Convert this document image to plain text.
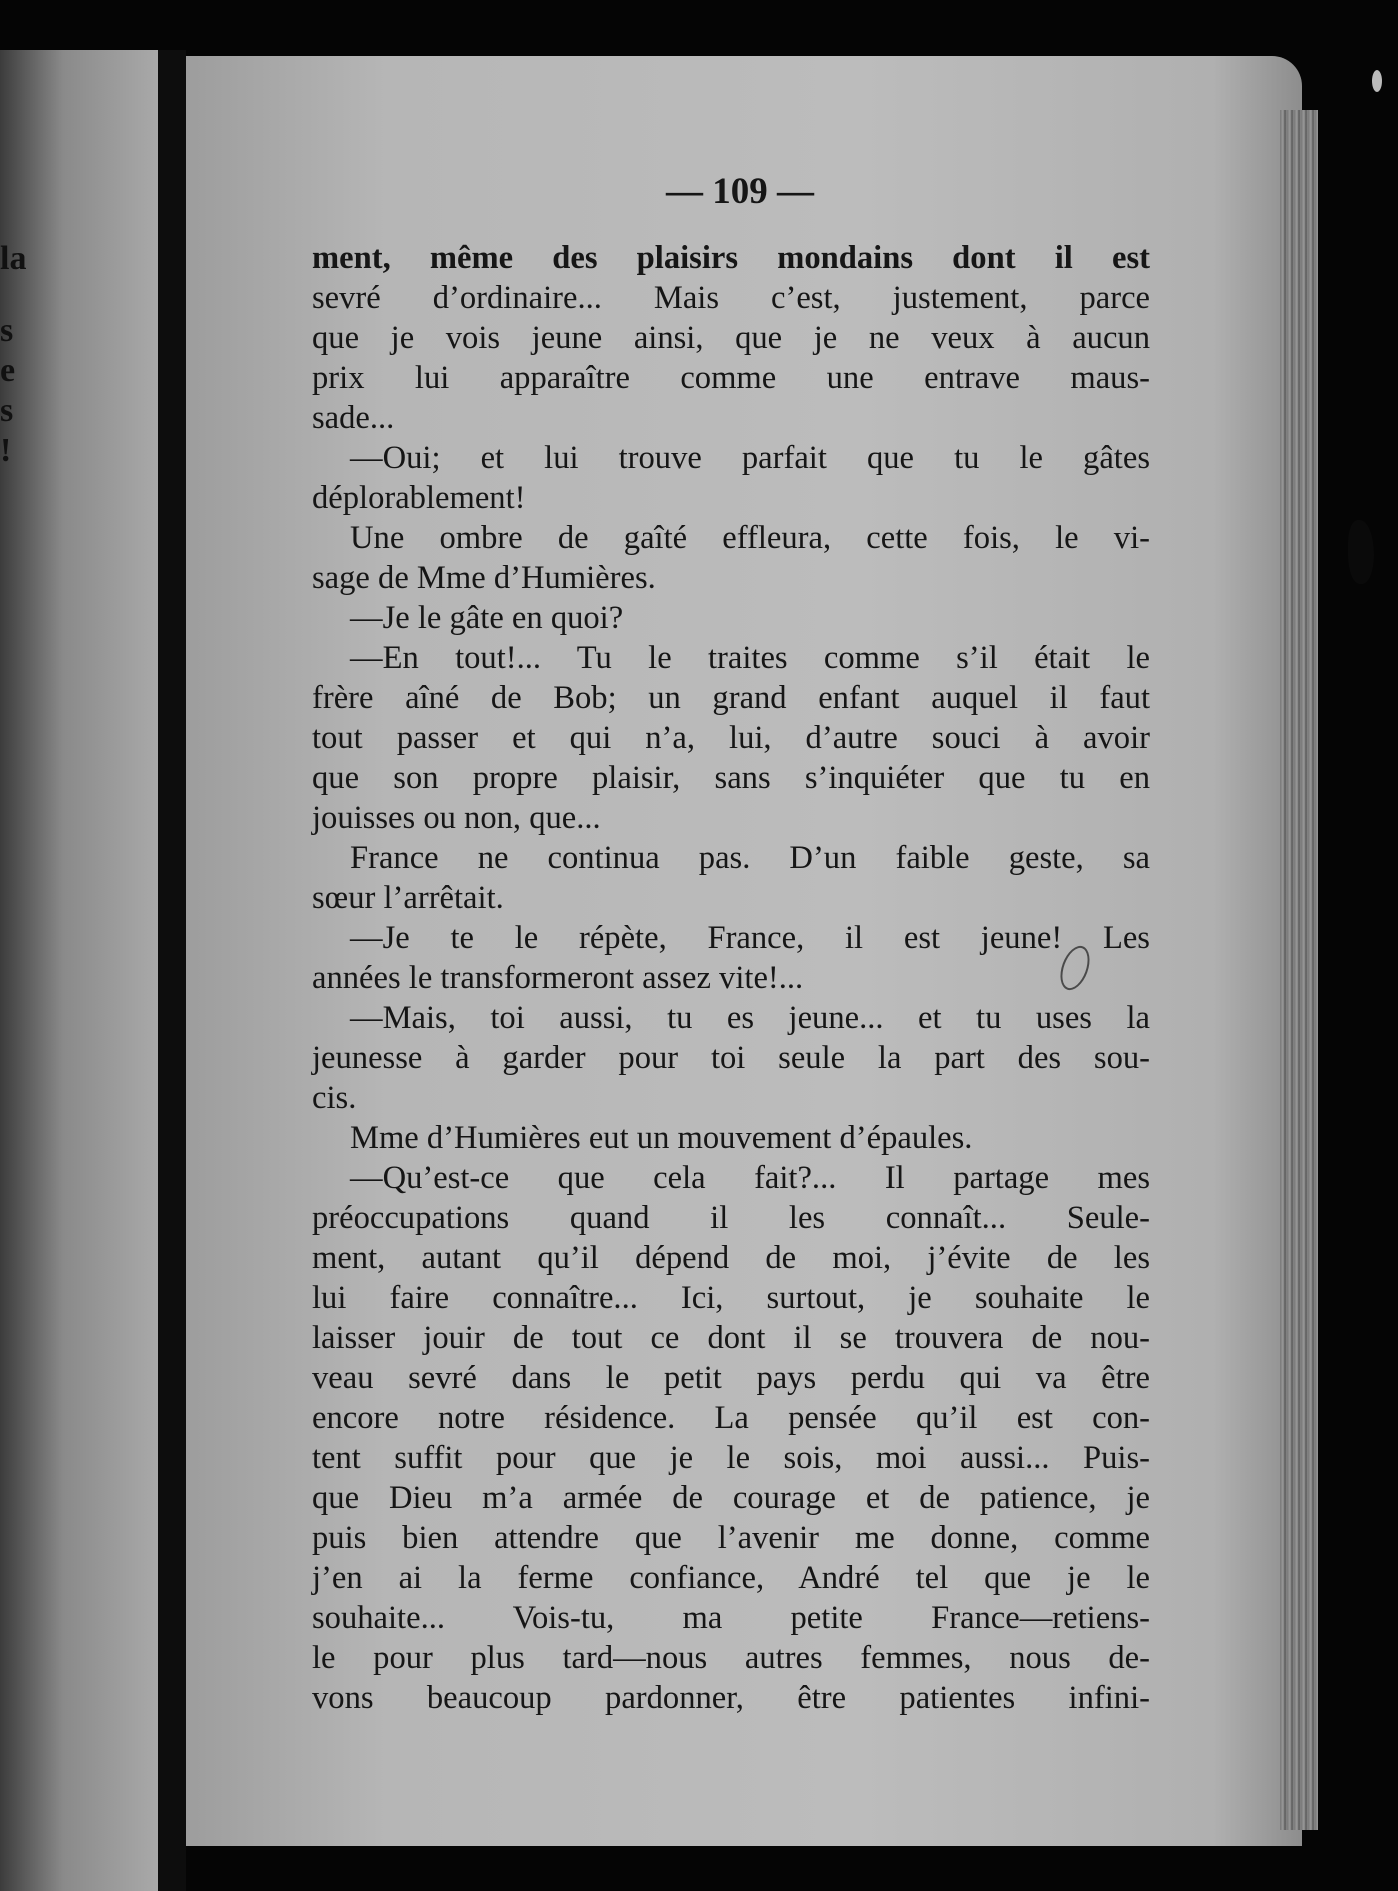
la
s
e
s
!
— 109 —
ment, même des plaisirs mondains dont il est
sevré d’ordinaire... Mais c’est, justement, parce
que je vois jeune ainsi, que je ne veux à aucun
prix lui apparaître comme une entrave maus-
sade...
—Oui; et lui trouve parfait que tu le gâtes
déplorablement!
Une ombre de gaîté effleura, cette fois, le vi-
sage de Mme d’Humières.
—Je le gâte en quoi?
—En tout!... Tu le traites comme s’il était le
frère aîné de Bob; un grand enfant auquel il faut
tout passer et qui n’a, lui, d’autre souci à avoir
que son propre plaisir, sans s’inquiéter que tu en
jouisses ou non, que...
France ne continua pas. D’un faible geste, sa
sœur l’arrêtait.
—Je te le répète, France, il est jeune! Les
années le transformeront assez vite!...
—Mais, toi aussi, tu es jeune... et tu uses la
jeunesse à garder pour toi seule la part des sou-
cis.
Mme d’Humières eut un mouvement d’épaules.
—Qu’est-ce que cela fait?... Il partage mes
préoccupations quand il les connaît... Seule-
ment, autant qu’il dépend de moi, j’évite de les
lui faire connaître... Ici, surtout, je souhaite le
laisser jouir de tout ce dont il se trouvera de nou-
veau sevré dans le petit pays perdu qui va être
encore notre résidence. La pensée qu’il est con-
tent suffit pour que je le sois, moi aussi... Puis-
que Dieu m’a armée de courage et de patience, je
puis bien attendre que l’avenir me donne, comme
j’en ai la ferme confiance, André tel que je le
souhaite... Vois-tu, ma petite France—retiens-
le pour plus tard—nous autres femmes, nous de-
vons beaucoup pardonner, être patientes infini-
